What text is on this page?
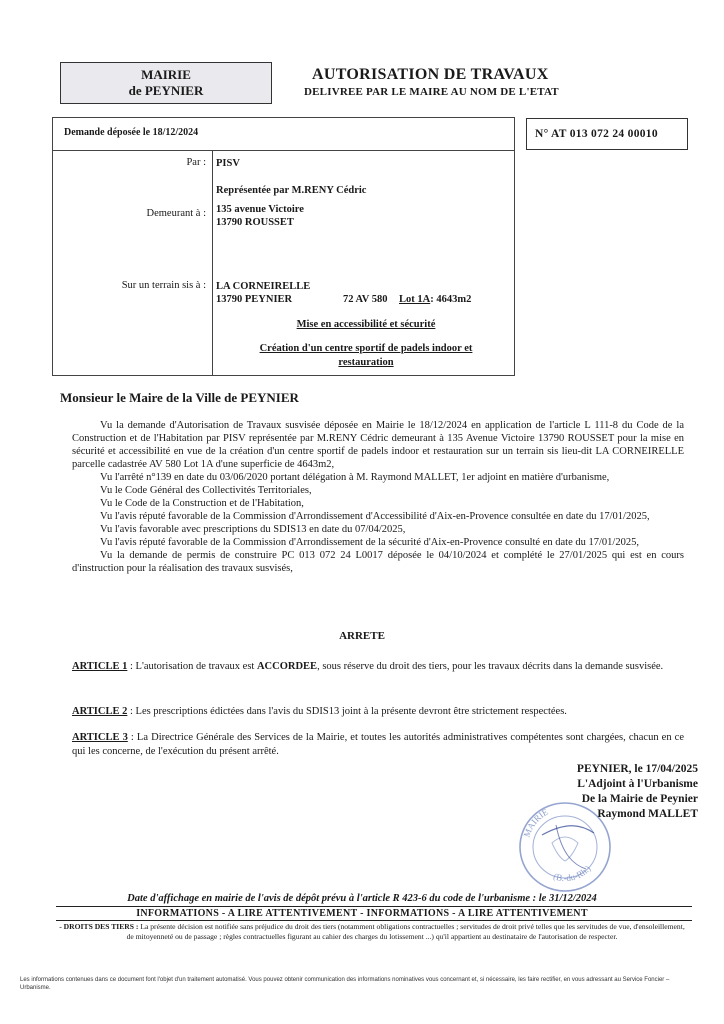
MAIRIE
de PEYNIER
AUTORISATION DE TRAVAUX
DELIVREE PAR LE MAIRE AU NOM DE L'ETAT
Demande déposée le 18/12/2024	N° AT 013 072 24 00010
Par : PISV
Représentée par M.RENY Cédric
Demeurant à : 135 avenue Victoire
13790 ROUSSET
Sur un terrain sis à : LA CORNEIRELLE
13790 PEYNIER	72 AV 580 Lot 1A: 4643m2
Mise en accessibilité et sécurité
Création d'un centre sportif de padels indoor et
restauration
Monsieur le Maire de la Ville de PEYNIER

Vu la demande d'Autorisation de Travaux susvisée déposée en Mairie le 18/12/2024 en application de l'article L 111-8 du Code de la Construction et de l'Habitation par PISV représentée par M.RENY Cédric demeurant à 135 Avenue Victoire 13790 ROUSSET pour la mise en sécurité et accessibilité en vue de la création d'un centre sportif de padels indoor et restauration sur un terrain sis lieu-dit LA CORNEIRELLE parcelle cadastrée AV 580 Lot 1A d'une superficie de 4643m2,

Vu l'arrêté n°139 en date du 03/06/2020 portant délégation à M. Raymond MALLET, 1er adjoint en matière d'urbanisme,

Vu le Code Général des Collectivités Territoriales,

Vu le Code de la Construction et de l'Habitation,

Vu l'avis réputé favorable de la Commission d'Arrondissement d'Accessibilité d'Aix-en-Provence consultée en date du 17/01/2025,

Vu l'avis favorable avec prescriptions du SDIS13 en date du 07/04/2025,

Vu l'avis réputé favorable de la Commission d'Arrondissement de la sécurité d'Aix-en-Provence consulté en date du 17/01/2025,

Vu la demande de permis de construire PC 013 072 24 L0017 déposée le 04/10/2024 et complété le 27/01/2025 qui est en cours d'instruction pour la réalisation des travaux susvisés,

ARRETE
ARTICLE 1 : L'autorisation de travaux est ACCORDEE, sous réserve du droit des tiers, pour les travaux décrits dans la demande susvisée.
ARTICLE 2 : Les prescriptions édictées dans l'avis du SDIS13 joint à la présente devront être strictement respectées.
ARTICLE 3 : La Directrice Générale des Services de la Mairie, et toutes les autorités administratives compétentes sont chargées, chacun en ce qui les concerne, de l'exécution du présent arrêté.
MAIRIE
(B.-du-Rh.)
PEYNIER, le 17/04/2025
L'Adjoint à l'Urbanisme
De la Mairie de Peynier
Raymond MALLET
Date d'affichage en mairie de l'avis de dépôt prévu à l'article R 423-6 du code de l'urbanisme : le 31/12/2024
INFORMATIONS - A LIRE ATTENTIVEMENT - INFORMATIONS - A LIRE ATTENTIVEMENT
- DROITS DES TIERS : La présente décision est notifiée sans préjudice du droit des tiers (notamment obligations contractuelles ; servitudes de droit privé telles que les servitudes de vue, d'ensoleillement, de mitoyenneté ou de passage ; règles contractuelles figurant au cahier des charges du lotissement ...) qu'il appartient au destinataire de l'autorisation de respecter.
Les informations contenues dans ce document font l'objet d'un traitement automatisé. Vous pouvez obtenir communication des informations nominatives vous concernant et, si nécessaire, les faire rectifier, en vous adressant au Service Foncier – Urbanisme.
